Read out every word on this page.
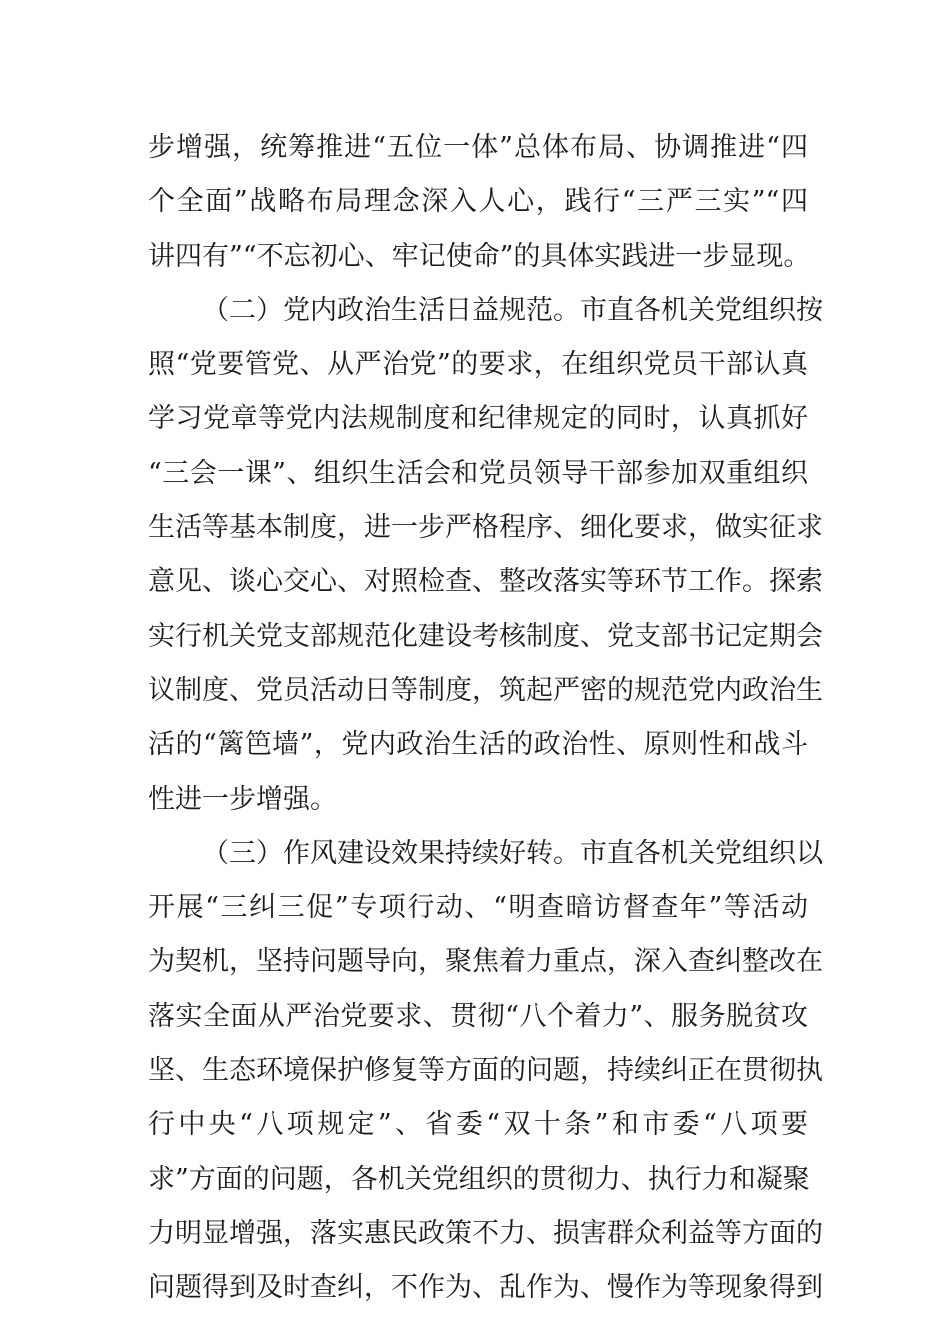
步增强，统筹推进“五位一体”总体布局、协调推进“四
个全面”战略布局理念深入人心，践行“三严三实”“四
讲四有”“不忘初心、牢记使命”的具体实践进一步显现。
（二）党内政治生活日益规范。市直各机关党组织按
照“党要管党、从严治党”的要求，在组织党员干部认真
学习党章等党内法规制度和纪律规定的同时，认真抓好
“三会一课”、组织生活会和党员领导干部参加双重组织
生活等基本制度，进一步严格程序、细化要求，做实征求
意见、谈心交心、对照检查、整改落实等环节工作。探索
实行机关党支部规范化建设考核制度、党支部书记定期会
议制度、党员活动日等制度，筑起严密的规范党内政治生
活的“篱笆墙”，党内政治生活的政治性、原则性和战斗
性进一步增强。
（三）作风建设效果持续好转。市直各机关党组织以
开展“三纠三促”专项行动、“明查暗访督查年”等活动
为契机，坚持问题导向，聚焦着力重点，深入查纠整改在
落实全面从严治党要求、贯彻“八个着力”、服务脱贫攻
坚、生态环境保护修复等方面的问题，持续纠正在贯彻执
行中央“八项规定”、省委“双十条”和市委“八项要
求”方面的问题，各机关党组织的贯彻力、执行力和凝聚
力明显增强，落实惠民政策不力、损害群众利益等方面的
问题得到及时查纠，不作为、乱作为、慢作为等现象得到
